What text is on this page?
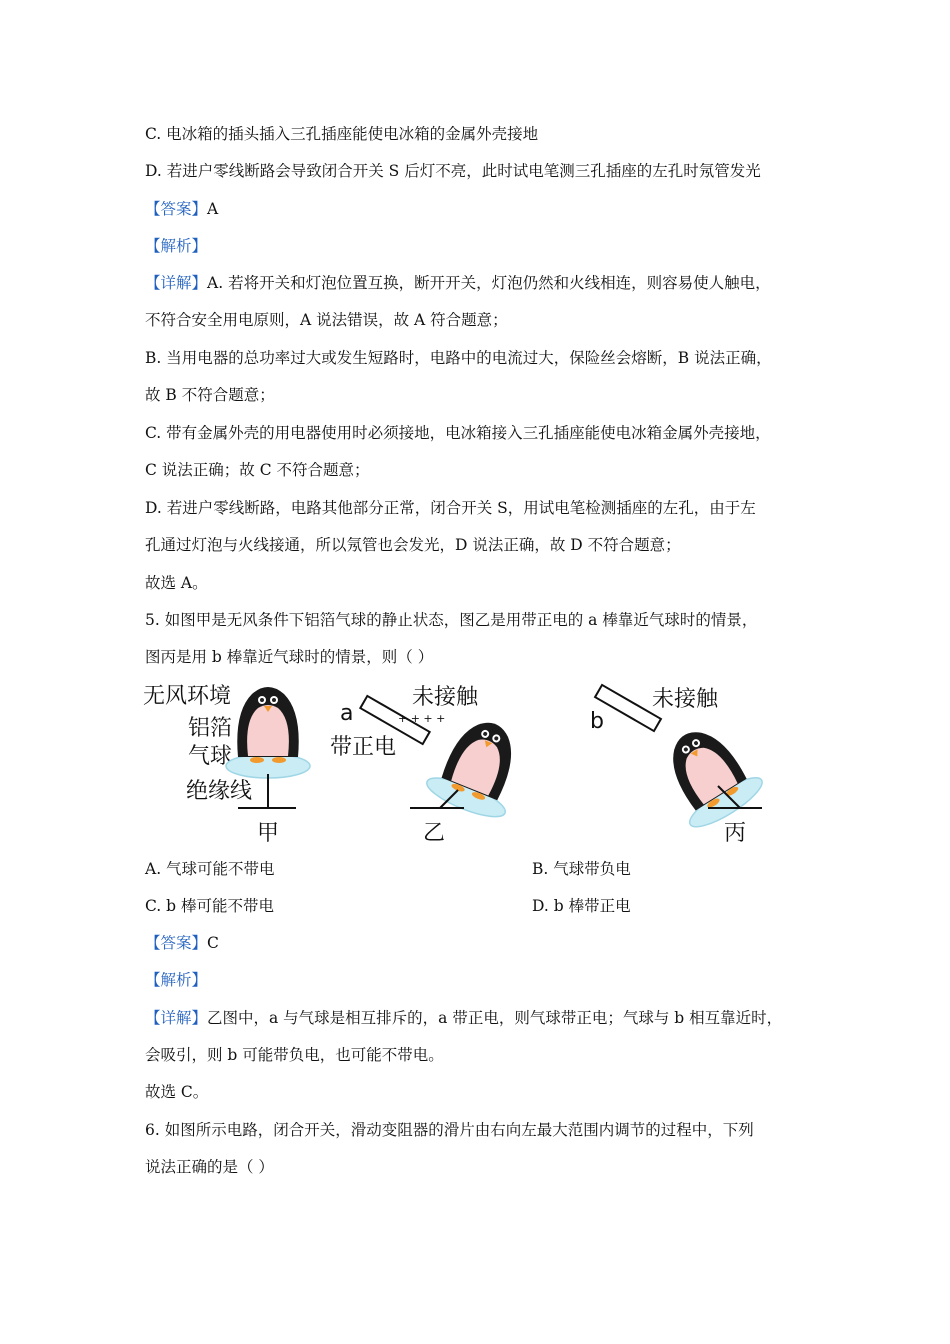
C. 电冰箱的插头插入三孔插座能使电冰箱的金属外壳接地
D. 若进户零线断路会导致闭合开关 S 后灯不亮，此时试电笔测三孔插座的左孔时氖管发光
【答案】A
【解析】
【详解】A. 若将开关和灯泡位置互换，断开开关，灯泡仍然和火线相连，则容易使人触电，
不符合安全用电原则，A 说法错误，故 A 符合题意；
B. 当用电器的总功率过大或发生短路时，电路中的电流过大，保险丝会熔断，B 说法正确，
故 B 不符合题意；
C. 带有金属外壳的用电器使用时必须接地，电冰箱接入三孔插座能使电冰箱金属外壳接地，
C 说法正确；故 C 不符合题意；
D. 若进户零线断路，电路其他部分正常，闭合开关 S，用试电笔检测插座的左孔，由于左
孔通过灯泡与火线接通，所以氖管也会发光，D 说法正确，故 D 不符合题意；
故选 A。
5. 如图甲是无风条件下铝箔气球的静止状态，图乙是用带正电的 a 棒靠近气球时的情景，
图丙是用 b 棒靠近气球时的情景，则（ ）
无风环境
铝箔
气球
绝缘线
甲
a	+ + + +
未接触
带正电
乙
b
未接触
丙
A. 气球可能不带电	B. 气球带负电
C. b 棒可能不带电	D. b 棒带正电
【答案】C
【解析】
【详解】乙图中，a 与气球是相互排斥的，a 带正电，则气球带正电；气球与 b 相互靠近时，
会吸引，则 b 可能带负电，也可能不带电。
故选 C。
6. 如图所示电路，闭合开关，滑动变阻器的滑片由右向左最大范围内调节的过程中，下列
说法正确的是（ ）
